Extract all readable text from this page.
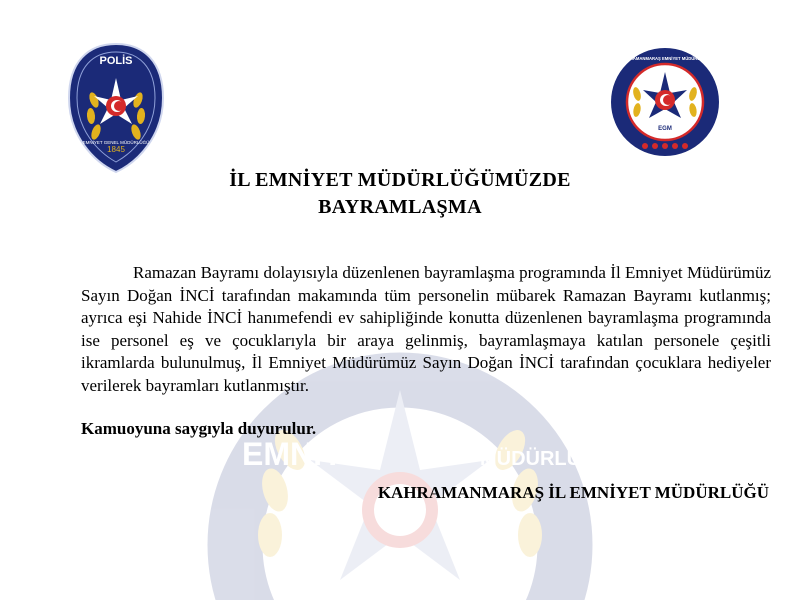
EMNİYE	MÜDÜRLÜĞÜ
POLİS
1845
EMNİYET GENEL MÜDÜRLÜĞÜ
EGM
KAHRAMANMARAŞ EMNİYET MÜDÜRLÜĞÜ
İL EMNİYET MÜDÜRLÜĞÜMÜZDE
BAYRAMLAŞMA

Ramazan Bayramı dolayısıyla düzenlenen bayramlaşma programında İl Emniyet Müdürümüz Sayın Doğan İNCİ tarafından makamında tüm personelin mübarek Ramazan Bayramı kutlanmış; ayrıca eşi Nahide İNCİ hanımefendi ev sahipliğinde konutta düzenlenen bayramlaşma programında ise personel eş ve çocuklarıyla bir araya gelinmiş, bayramlaşmaya katılan personele çeşitli ikramlarda bulunulmuş, İl Emniyet Müdürümüz Sayın Doğan İNCİ tarafından çocuklara hediyeler verilerek bayramları kutlanmıştır.

Kamuoyuna saygıyla duyurulur.
KAHRAMANMARAŞ İL EMNİYET MÜDÜRLÜĞÜ
